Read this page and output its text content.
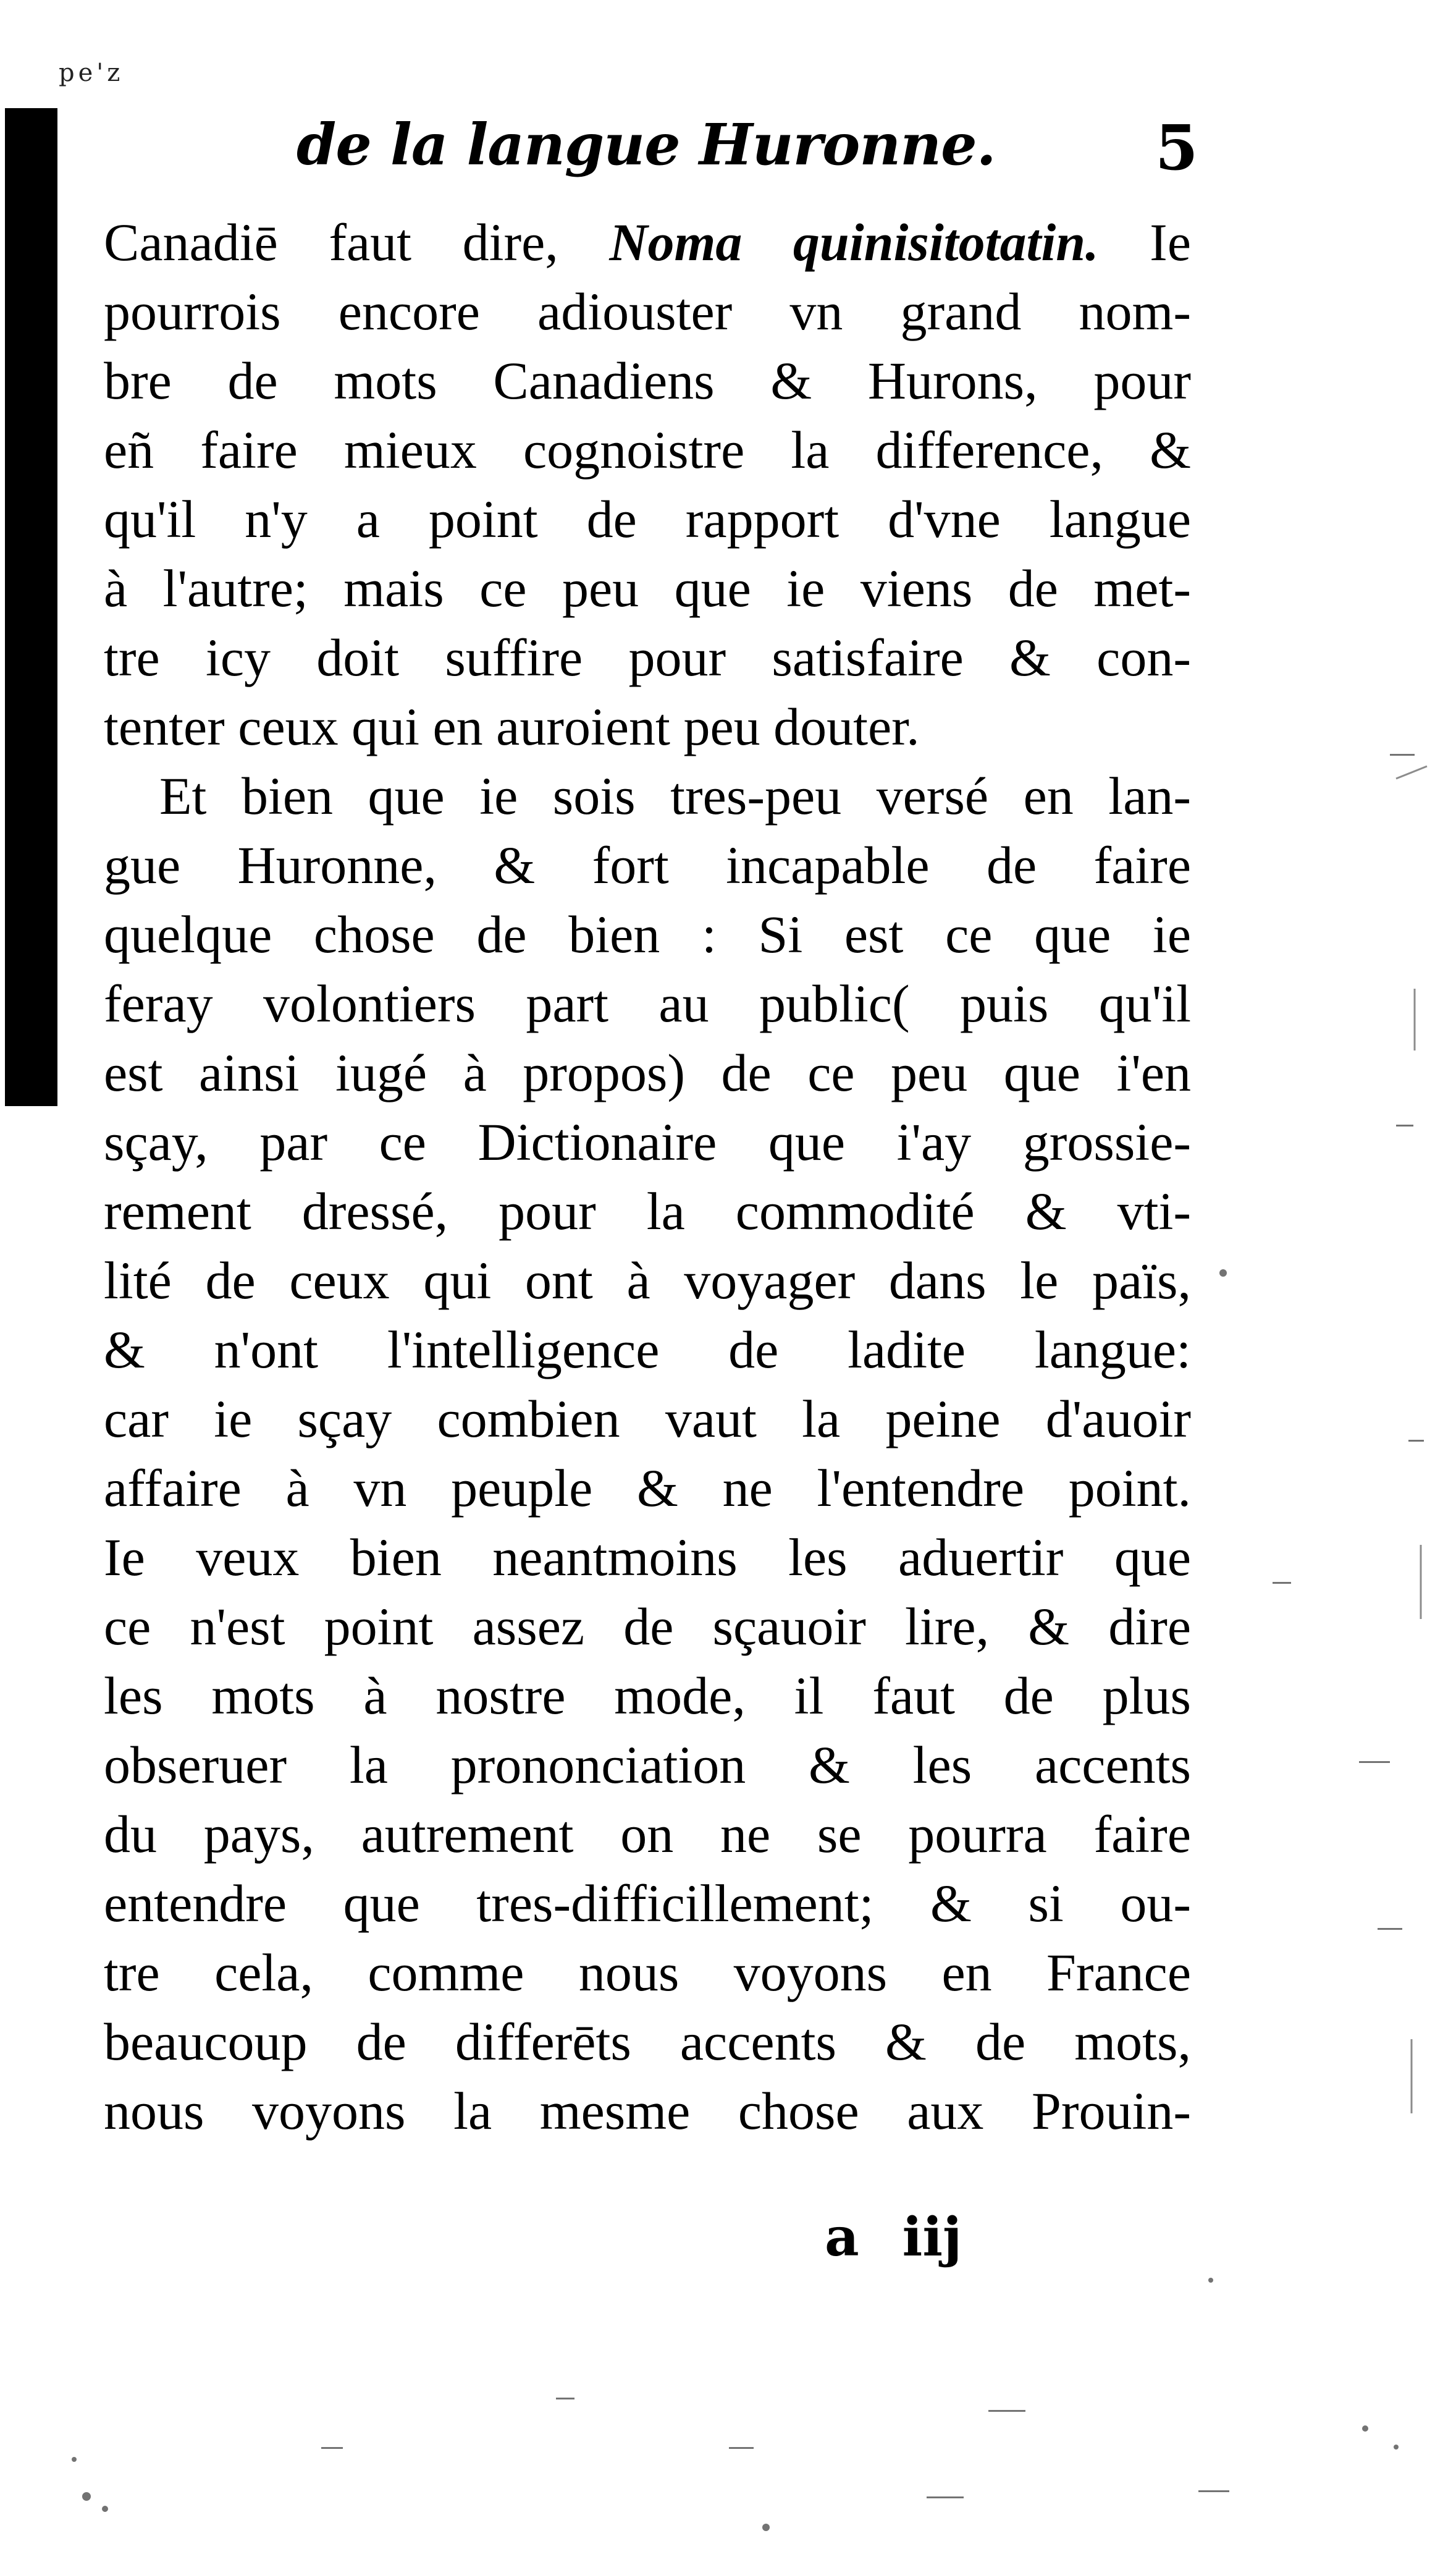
pe'z
de la langue Huronne.	5
Canadiē faut dire, Noma quinisitotatin. Ie
pourrois encore adiouster vn grand nom-
bre de mots Canadiens & Hurons, pour
eñ faire mieux cognoistre la difference, &
qu'il n'y a point de rapport d'vne langue
à l'autre; mais ce peu que ie viens de met-
tre icy doit suffire pour satisfaire & con-
tenter ceux qui en auroient peu douter.
Et bien que ie sois tres-peu versé en lan-
gue Huronne, & fort incapable de faire
quelque chose de bien : Si est ce que ie
feray volontiers part au public( puis qu'il
est ainsi iugé à propos) de ce peu que i'en
sçay, par ce Dictionaire que i'ay grossie-
rement dressé, pour la commodité & vti-
lité de ceux qui ont à voyager dans le païs,
& n'ont l'intelligence de ladite langue:
car ie sçay combien vaut la peine d'auoir
affaire à vn peuple & ne l'entendre point.
Ie veux bien neantmoins les aduertir que
ce n'est point assez de sçauoir lire, & dire
les mots à nostre mode, il faut de plus
obseruer la prononciation & les accents
du pays, autrement on ne se pourra faire
entendre que tres-difficillement; & si ou-
tre cela, comme nous voyons en France
beaucoup de differēts accents & de mots,
nous voyons la mesme chose aux Prouin-
a iij
